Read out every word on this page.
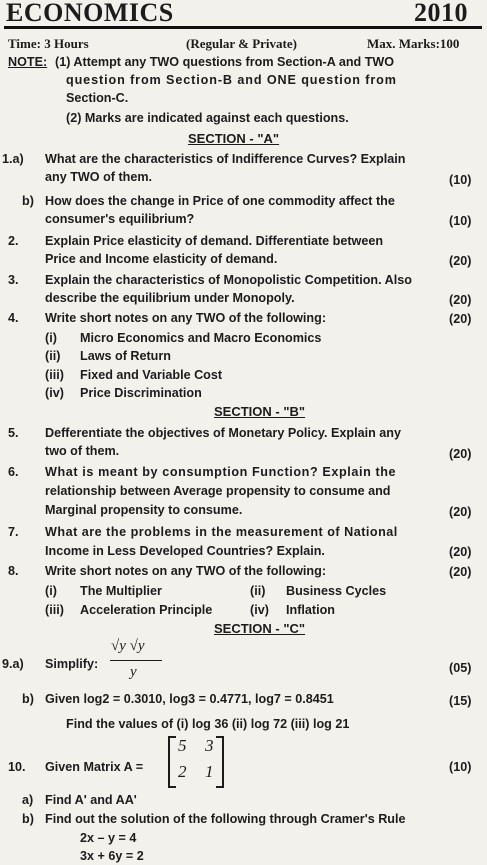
ECONOMICS	2010
Time: 3 Hours	(Regular & Private)	Max. Marks:100
NOTE: (1) Attempt any TWO questions from Section-A and TWO
question from Section-B and ONE question from
Section-C.
(2) Marks are indicated against each questions.
SECTION - "A"
1.a) What are the characteristics of Indifference Curves? Explain
any TWO of them.	(10)
b) How does the change in Price of one commodity affect the
consumer's equilibrium?	(10)
2. Explain Price elasticity of demand. Differentiate between
Price and Income elasticity of demand.	(20)
3. Explain the characteristics of Monopolistic Competition. Also
describe the equilibrium under Monopoly.	(20)
4. Write short notes on any TWO of the following:	(20)
(i) Micro Economics and Macro Economics
(ii) Laws of Return
(iii) Fixed and Variable Cost
(iv) Price Discrimination
SECTION - "B"
5. Defferentiate the objectives of Monetary Policy. Explain any
two of them.	(20)
6. What is meant by consumption Function? Explain the
relationship between Average propensity to consume and
Marginal propensity to consume.	(20)
7. What are the problems in the measurement of National
Income in Less Developed Countries? Explain.	(20)
8. Write short notes on any TWO of the following:	(20)
(i) The Multiplier	(ii) Business Cycles
(iii) Acceleration Principle	(iv) Inflation
SECTION - "C"
9.a) Simplify:
√y √y
y	(05)
b) Given log2 = 0.3010, log3 = 0.4771, log7 = 0.8451	(15)
Find the values of (i) log 36 (ii) log 72 (iii) log 21
10. Given Matrix A =
5 3
2 1	(10)
a) Find A' and AA'
b) Find out the solution of the following through Cramer's Rule
2x – y = 4
3x + 6y = 2
